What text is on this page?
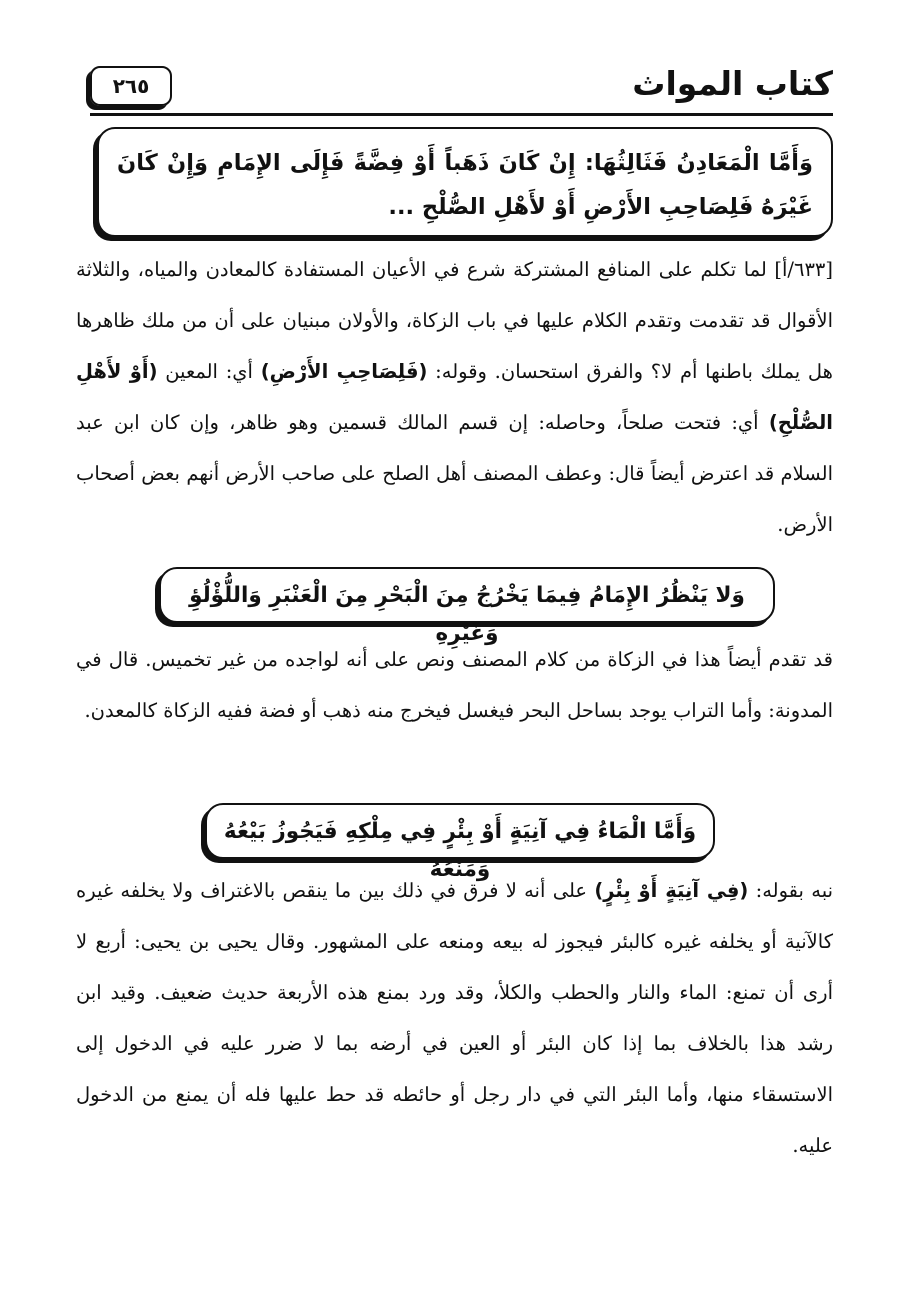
كتاب المواث
٢٦٥
وَأَمَّا الْمَعَادِنُ فَثَالِثُهَا: إِنْ كَانَ ذَهَباً أَوْ فِضَّةً فَإِلَى الإِمَامِ وَإِنْ كَانَ غَيْرَهُ فَلِصَاحِبِ الأَرْضِ أَوْ لأَهْلِ الصُّلْحِ ...

[٦٣٣/أ] لما تكلم على المنافع المشتركة شرع في الأعيان المستفادة كالمعادن والمياه، والثلاثة الأقوال قد تقدمت وتقدم الكلام عليها في باب الزكاة، والأولان مبنيان على أن من ملك ظاهرها هل يملك باطنها أم لا؟ والفرق استحسان. وقوله: (فَلِصَاحِبِ الأَرْضِ) أي: المعين (أَوْ لأَهْلِ الصُّلْحِ) أي: فتحت صلحاً، وحاصله: إن قسم المالك قسمين وهو ظاهر، وإن كان ابن عبد السلام قد اعترض أيضاً قال: وعطف المصنف أهل الصلح على صاحب الأرض أنهم بعض أصحاب الأرض.

وَلا يَنْظُرُ الإِمَامُ فِيمَا يَخْرُجُ مِنَ الْبَحْرِ مِنَ الْعَنْبَرِ وَاللُّؤْلُؤِ وَغَيْرِهِ

قد تقدم أيضاً هذا في الزكاة من كلام المصنف ونص على أنه لواجده من غير تخميس. قال في المدونة: وأما التراب يوجد بساحل البحر فيغسل فيخرج منه ذهب أو فضة ففيه الزكاة كالمعدن.

وَأَمَّا الْمَاءُ فِي آنِيَةٍ أَوْ بِئْرٍ فِي مِلْكِهِ فَيَجُوزُ بَيْعُهُ وَمَنْعُهُ

نبه بقوله: (فِي آنِيَةٍ أَوْ بِئْرٍ) على أنه لا فرق في ذلك بين ما ينقص بالاغتراف ولا يخلفه غيره كالآنية أو يخلفه غيره كالبئر فيجوز له بيعه ومنعه على المشهور. وقال يحيى بن يحيى: أربع لا أرى أن تمنع: الماء والنار والحطب والكلأ، وقد ورد بمنع هذه الأربعة حديث ضعيف. وقيد ابن رشد هذا بالخلاف بما إذا كان البئر أو العين في أرضه بما لا ضرر عليه في الدخول إلى الاستسقاء منها، وأما البئر التي في دار رجل أو حائطه قد حط عليها فله أن يمنع من الدخول عليه.
